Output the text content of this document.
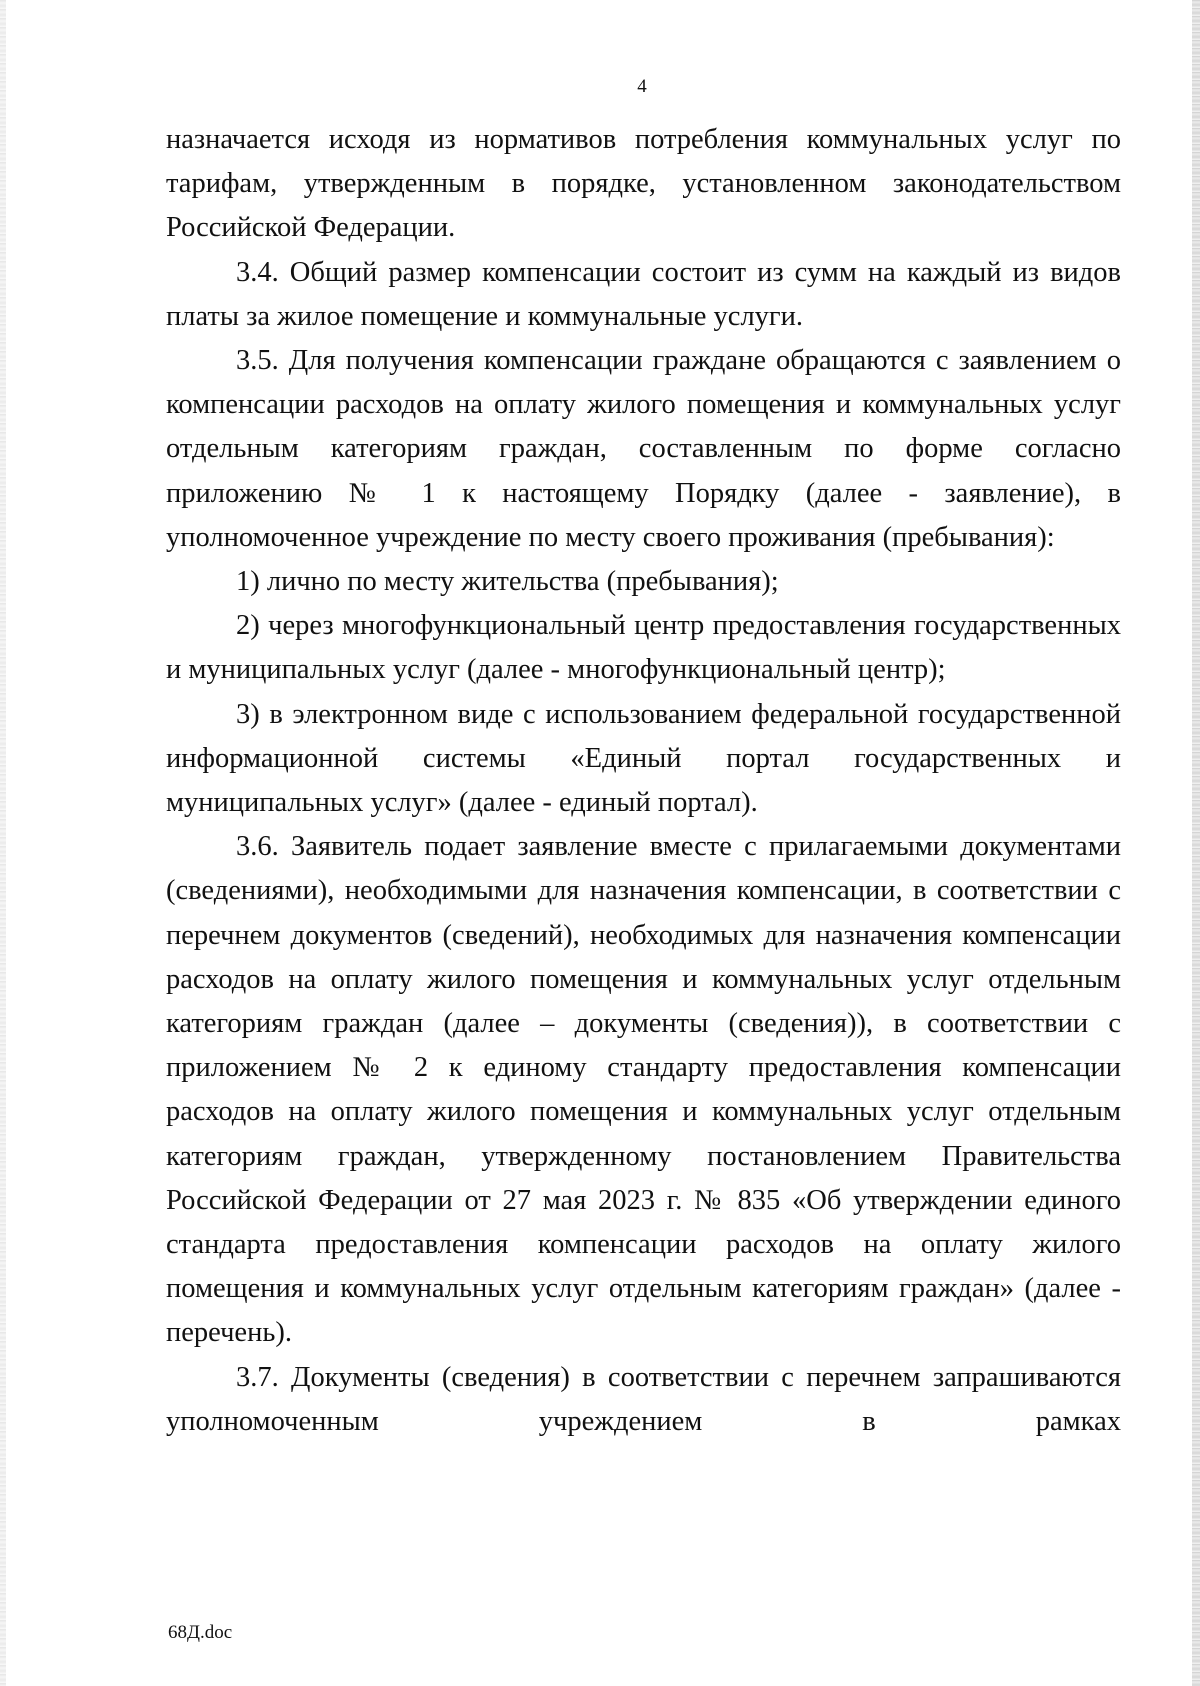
4

назначается исходя из нормативов потребления коммунальных услуг по тарифам, утвержденным в порядке, установленном законодательством Российской Федерации.

3.4. Общий размер компенсации состоит из сумм на каждый из видов платы за жилое помещение и коммунальные услуги.

3.5. Для получения компенсации граждане обращаются с заявлением о компенсации расходов на оплату жилого помещения и коммунальных услуг отдельным категориям граждан, составленным по форме согласно приложению № 1 к настоящему Порядку (далее - заявление), в уполномоченное учреждение по месту своего проживания (пребывания):

1) лично по месту жительства (пребывания);

2) через многофункциональный центр предоставления государственных и муниципальных услуг (далее - многофункциональный центр);

3) в электронном виде с использованием федеральной государственной информационной системы «Единый портал государственных и муниципальных услуг» (далее - единый портал).

3.6. Заявитель подает заявление вместе с прилагаемыми документами (сведениями), необходимыми для назначения компенсации, в соответствии с перечнем документов (сведений), необходимых для назначения компенсации расходов на оплату жилого помещения и коммунальных услуг отдельным категориям граждан (далее – документы (сведения)), в соответствии с приложением № 2 к единому стандарту предоставления компенсации расходов на оплату жилого помещения и коммунальных услуг отдельным категориям граждан, утвержденному постановлением Правительства Российской Федерации от 27 мая 2023 г. № 835 «Об утверждении единого стандарта предоставления компенсации расходов на оплату жилого помещения и коммунальных услуг отдельным категориям граждан» (далее - перечень).

3.7. Документы (сведения) в соответствии с перечнем запрашиваются уполномоченным учреждением в рамках

68Д.doc
